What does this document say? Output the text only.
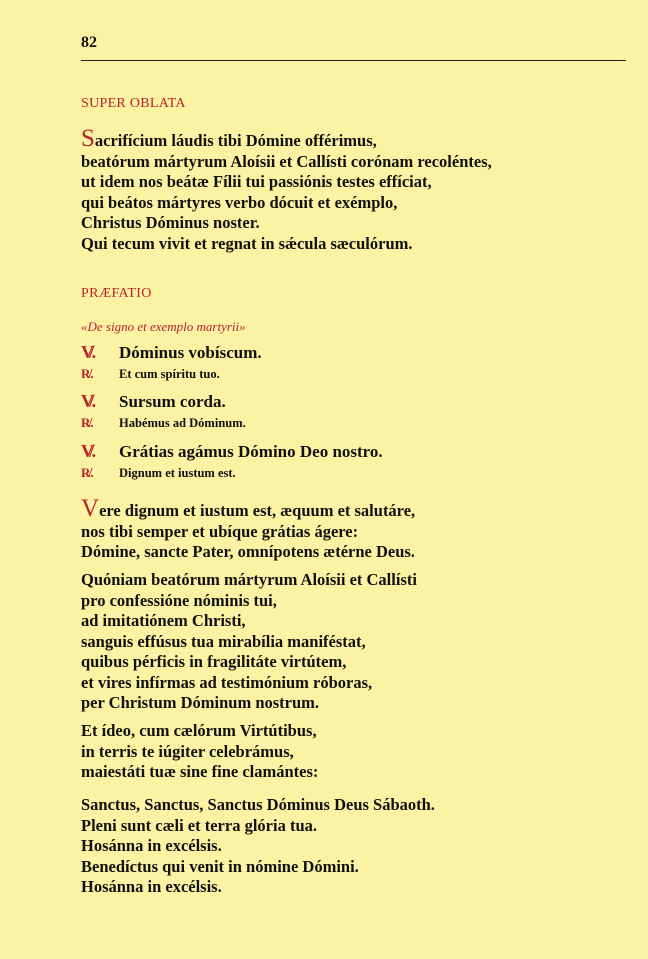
82
SUPER OBLATA
Sacrifícium láudis tibi Dómine offérimus,
beatórum mártyrum Aloísii et Callísti corónam recoléntes,
ut idem nos beátæ Fílii tui passiónis testes effíciat,
qui beátos mártyres verbo dócuit et exémplo,
Christus Dóminus noster.
Qui tecum vivit et regnat in sǽcula sæculórum.
PRÆFATIO
«De signo et exemplo martyrii»
V̸. Dóminus vobíscum.
R̸. Et cum spíritu tuo.
V̸. Sursum corda.
R̸. Habémus ad Dóminum.
V̸. Grátias agámus Dómino Deo nostro.
R̸. Dignum et iustum est.
Vere dignum et iustum est, æquum et salutáre,
nos tibi semper et ubíque grátias ágere:
Dómine, sancte Pater, omnípotens ætérne Deus.
Quóniam beatórum mártyrum Aloísii et Callísti
pro confessióne nóminis tui,
ad imitatiónem Christi,
sanguis effúsus tua mirabília maniféstat,
quibus pérficis in fragilitáte virtútem,
et vires infírmas ad testimónium róboras,
per Christum Dóminum nostrum.
Et ídeo, cum cælórum Virtútibus,
in terris te iúgiter celebrámus,
maiestáti tuæ sine fine clamántes:
Sanctus, Sanctus, Sanctus Dóminus Deus Sábaoth.
Pleni sunt cæli et terra glória tua.
Hosánna in excélsis.
Benedíctus qui venit in nómine Dómini.
Hosánna in excélsis.
